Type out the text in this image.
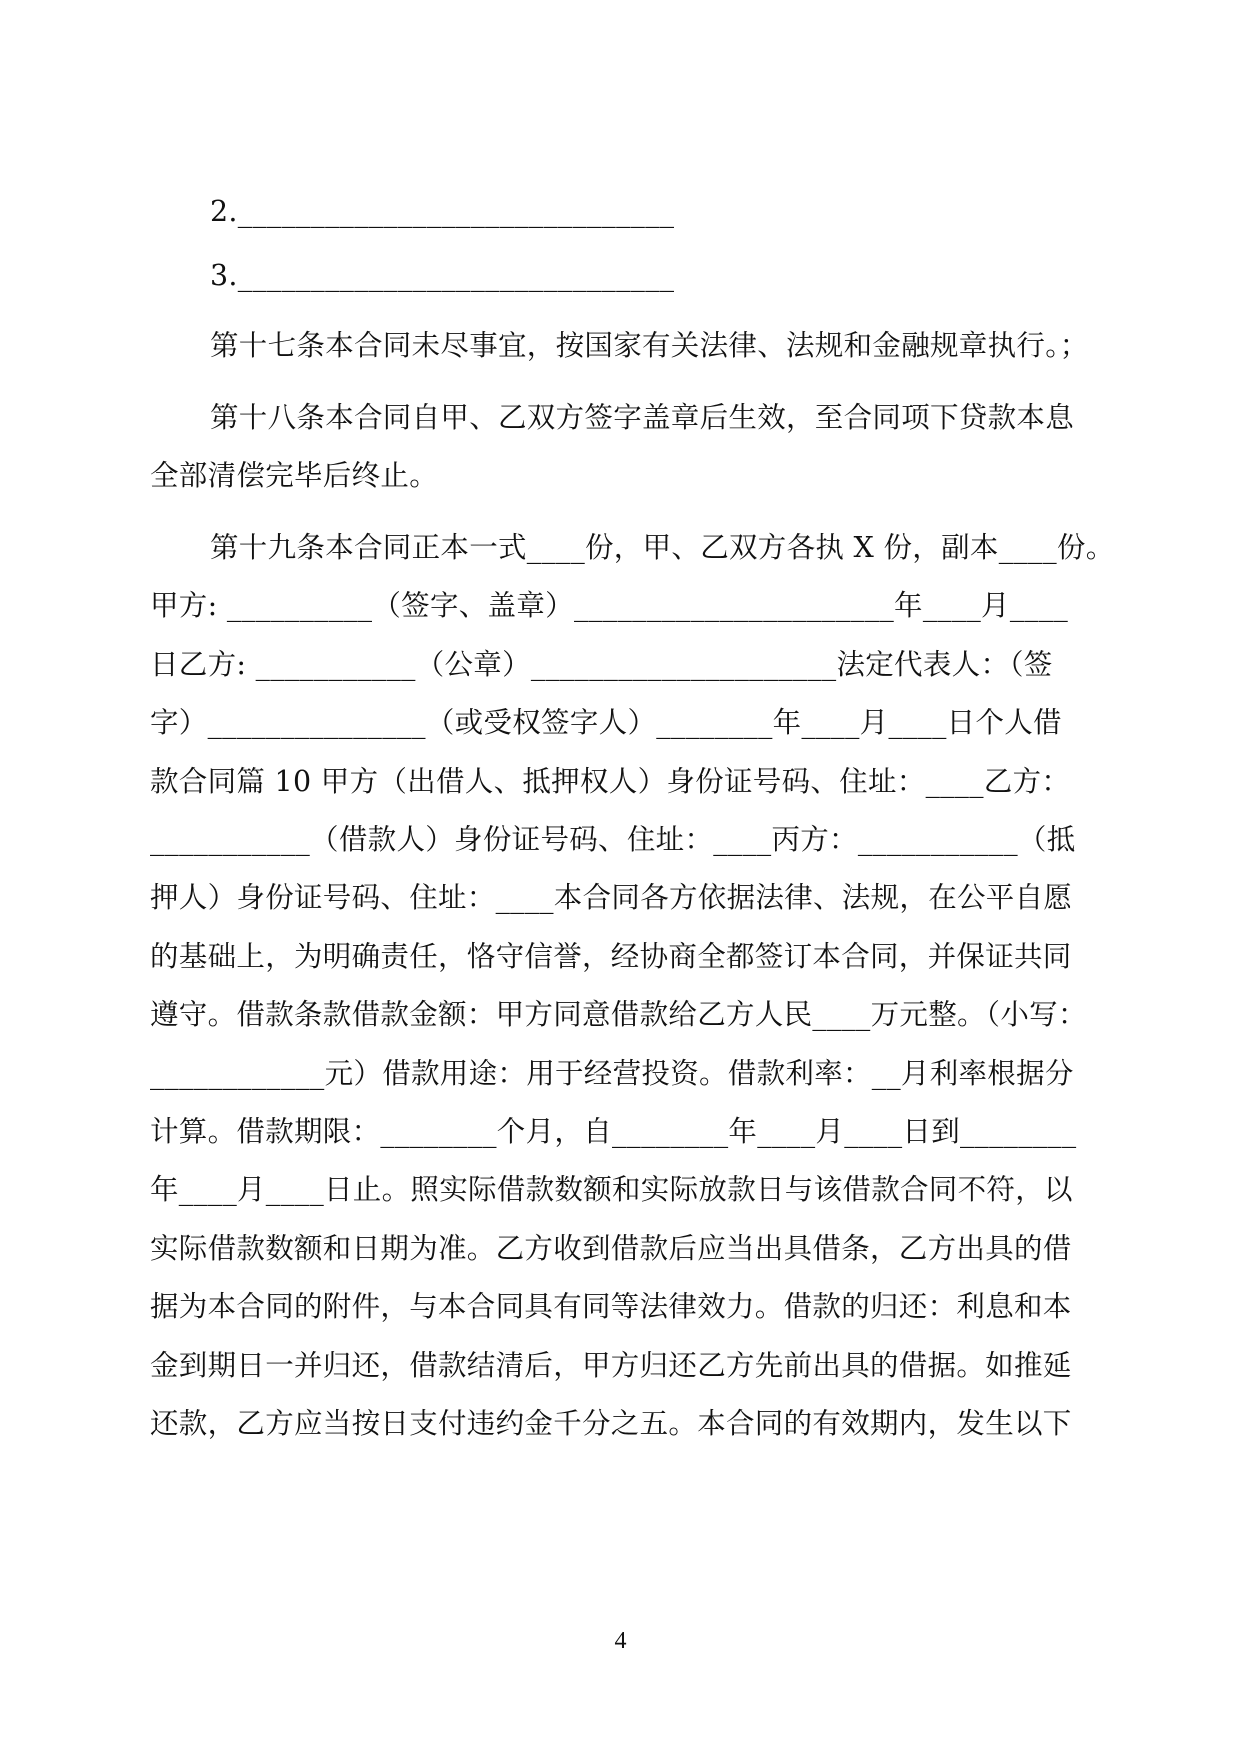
2.______________________________
3.______________________________
第十七条本合同未尽事宜，按国家有关法律、法规和金融规章执行。；
第十八条本合同自甲、乙双方签字盖章后生效，至合同项下贷款本息
全部清偿完毕后终止。
第十九条本合同正本一式____份，甲、乙双方各执 X 份，副本____份。
甲方: __________（签字、盖章）______________________年____月____
日乙方: ___________（公章）_____________________法定代表人：（签
字）_______________（或受权签字人）________年____月____日个人借
款合同篇 10 甲方（出借人、抵押权人）身份证号码、住址：____乙方：
___________（借款人）身份证号码、住址：____丙方：___________（抵
押人）身份证号码、住址：____本合同各方依据法律、法规，在公平自愿
的基础上，为明确责任，恪守信誉，经协商全都签订本合同，并保证共同
遵守。借款条款借款金额：甲方同意借款给乙方人民____万元整。（小写：
____________元）借款用途：用于经营投资。借款利率：__月利率根据分
计算。借款期限：________个月，自________年____月____日到________
年____月____日止。照实际借款数额和实际放款日与该借款合同不符，以
实际借款数额和日期为准。乙方收到借款后应当出具借条，乙方出具的借
据为本合同的附件，与本合同具有同等法律效力。借款的归还：利息和本
金到期日一并归还，借款结清后，甲方归还乙方先前出具的借据。如推延
还款，乙方应当按日支付违约金千分之五。本合同的有效期内，发生以下
4
